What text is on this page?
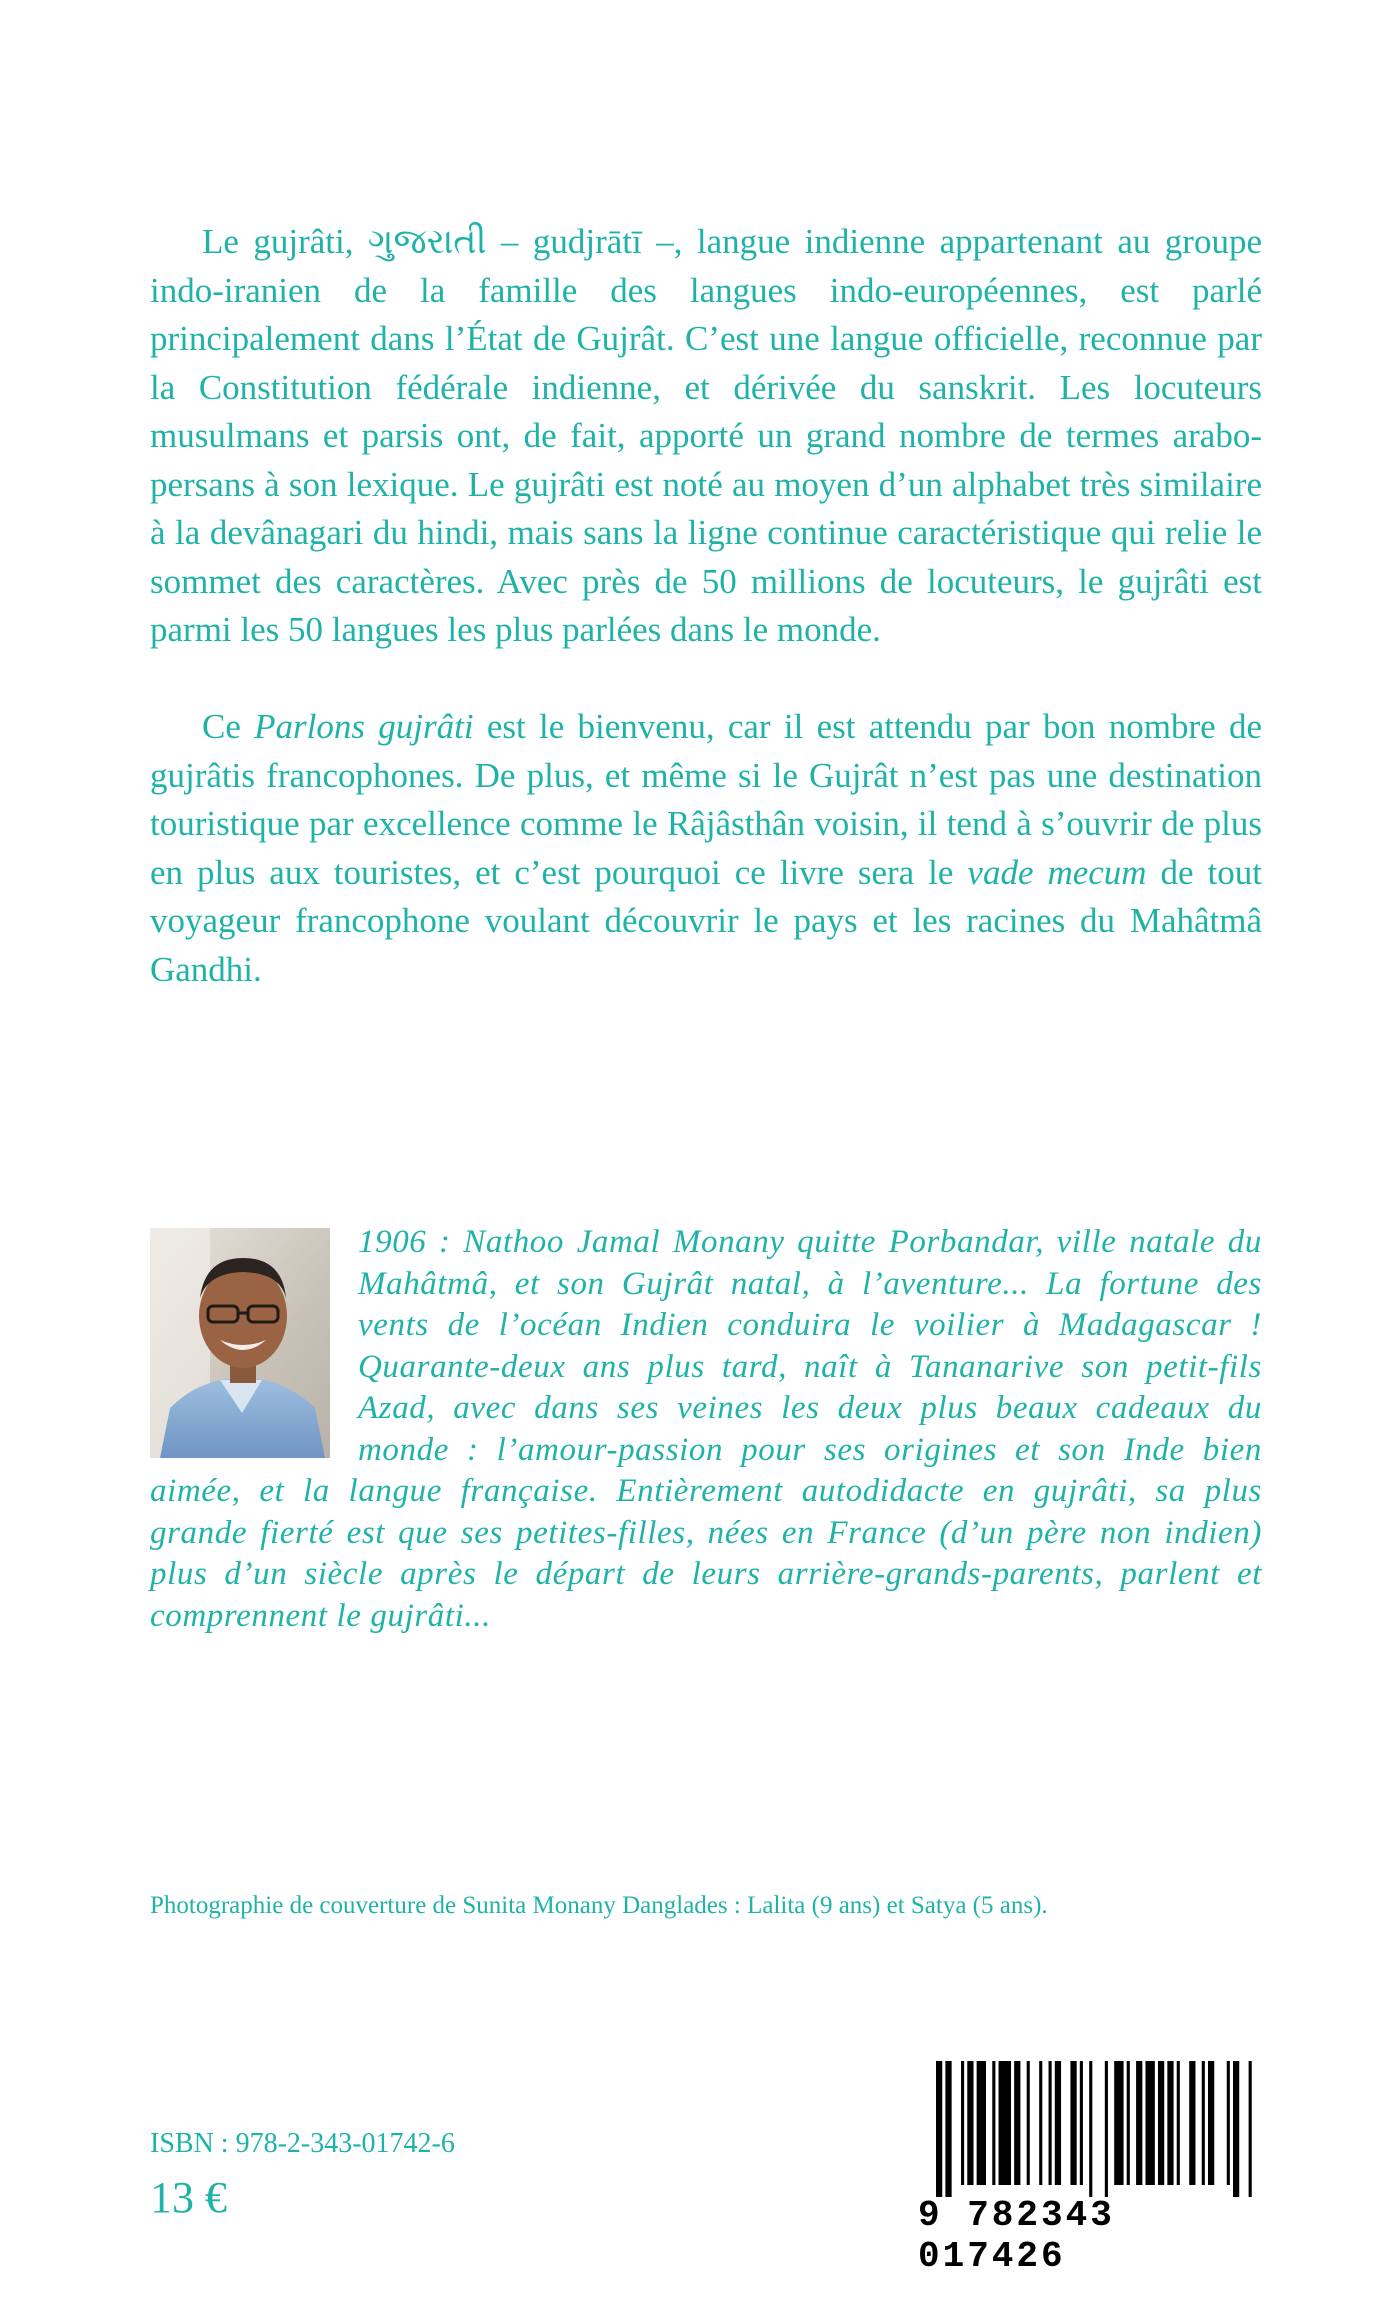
Le gujrâti, ગુજરાતી – gudjrātī –, langue indienne appartenant au groupe indo-iranien de la famille des langues indo-européennes, est parlé principalement dans l’État de Gujrât. C’est une langue officielle, reconnue par la Constitution fédérale indienne, et dérivée du sanskrit. Les locuteurs musulmans et parsis ont, de fait, apporté un grand nombre de termes arabo-persans à son lexique. Le gujrâti est noté au moyen d’un alphabet très similaire à la devânagari du hindi, mais sans la ligne continue caractéristique qui relie le sommet des caractères. Avec près de 50 millions de locuteurs, le gujrâti est parmi les 50 langues les plus parlées dans le monde.

Ce Parlons gujrâti est le bienvenu, car il est attendu par bon nombre de gujrâtis francophones. De plus, et même si le Gujrât n’est pas une destination touristique par excellence comme le Râjâsthân voisin, il tend à s’ouvrir de plus en plus aux touristes, et c’est pourquoi ce livre sera le vade mecum de tout voyageur francophone voulant découvrir le pays et les racines du Mahâtmâ Gandhi.

1906 : Nathoo Jamal Monany quitte Porbandar, ville natale du Mahâtmâ, et son Gujrât natal, à l’aventure... La fortune des vents de l’océan Indien conduira le voilier à Madagascar ! Quarante-deux ans plus tard, naît à Tananarive son petit-fils Azad, avec dans ses veines les deux plus beaux cadeaux du monde : l’amour-passion pour ses origines et son Inde bien aimée, et la langue française. Entièrement autodidacte en gujrâti, sa plus grande fierté est que ses petites-filles, nées en France (d’un père non indien) plus d’un siècle après le départ de leurs arrière-grands-parents, parlent et comprennent le gujrâti...

Photographie de couverture de Sunita Monany Danglades : Lalita (9 ans) et Satya (5 ans).
ISBN : 978-2-343-01742-6
13 €	9 782343 017426
